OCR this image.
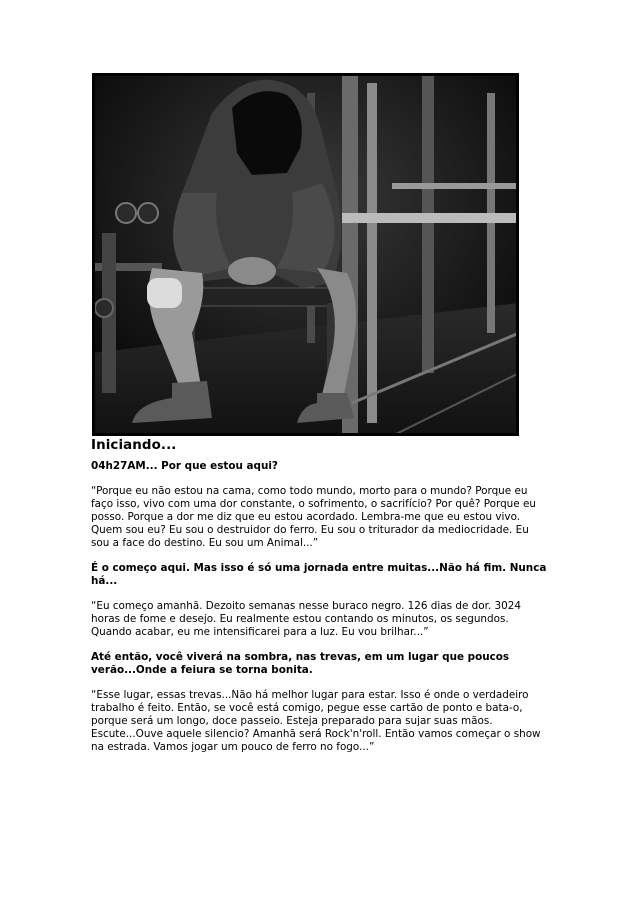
Iniciando...
04h27AM... Por que estou aqui?
“Porque eu não estou na cama, como todo mundo, morto para o mundo? Porque eu
faço isso, vivo com uma dor constante, o sofrimento, o sacrifício? Por quê? Porque eu
posso. Porque a dor me diz que eu estou acordado. Lembra-me que eu estou vivo.
Quem sou eu? Eu sou o destruidor do ferro. Eu sou o triturador da mediocridade. Eu
sou a face do destino. Eu sou um Animal...”
É o começo aqui. Mas isso é só uma jornada entre muitas...Não há fim. Nunca
há...
“Eu começo amanhã. Dezoito semanas nesse buraco negro. 126 dias de dor. 3024
horas de fome e desejo. Eu realmente estou contando os minutos, os segundos.
Quando acabar, eu me intensificarei para a luz. Eu vou brilhar...”
Até então, você viverá na sombra, nas trevas, em um lugar que poucos
verão...Onde a feiura se torna bonita.
“Esse lugar, essas trevas...Não há melhor lugar para estar. Isso é onde o verdadeiro
trabalho é feito. Então, se você está comigo, pegue esse cartão de ponto e bata-o,
porque será um longo, doce passeio. Esteja preparado para sujar suas mãos.
Escute...Ouve aquele silencio? Amanhã será Rock'n'roll. Então vamos começar o show
na estrada. Vamos jogar um pouco de ferro no fogo...”
